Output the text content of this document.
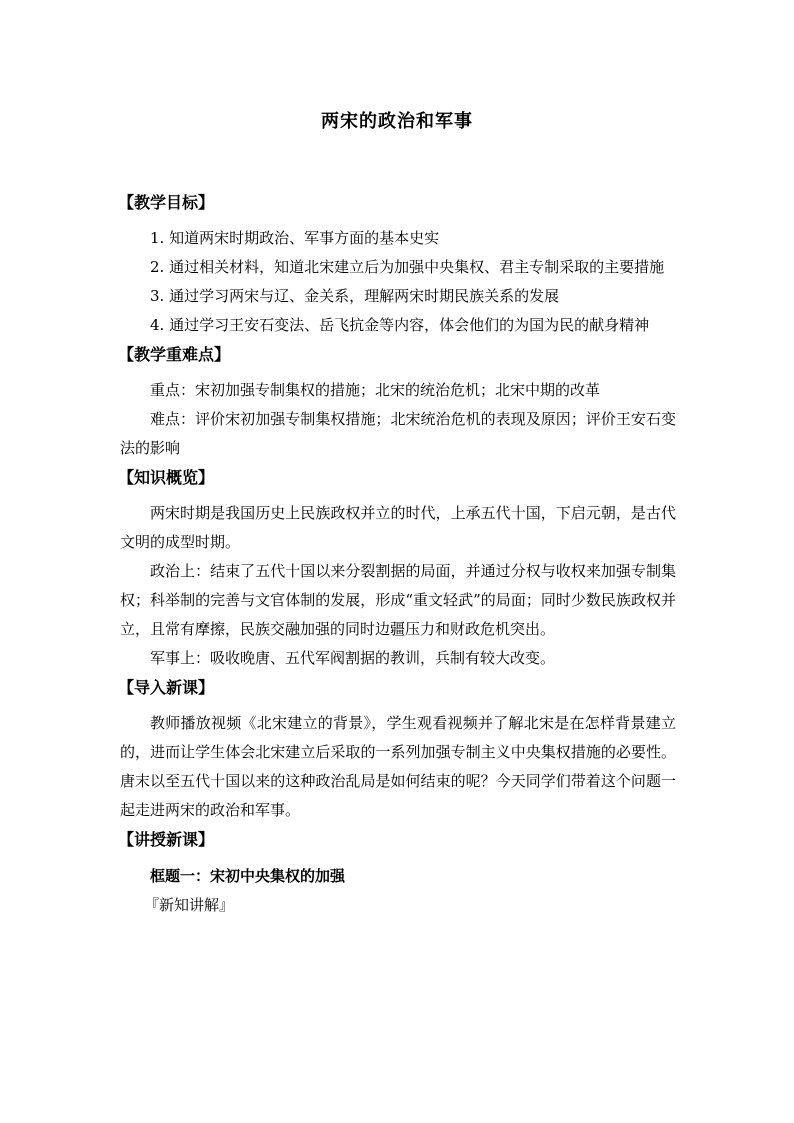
两宋的政治和军事
【教学目标】

1. 知道两宋时期政治、军事方面的基本史实

2. 通过相关材料，知道北宋建立后为加强中央集权、君主专制采取的主要措施

3. 通过学习两宋与辽、金关系，理解两宋时期民族关系的发展

4. 通过学习王安石变法、岳飞抗金等内容，体会他们的为国为民的献身精神

【教学重难点】

重点：宋初加强专制集权的措施；北宋的统治危机；北宋中期的改革

难点：评价宋初加强专制集权措施；北宋统治危机的表现及原因；评价王安石变法的影响

【知识概览】

两宋时期是我国历史上民族政权并立的时代，上承五代十国，下启元朝，是古代文明的成型时期。

政治上：结束了五代十国以来分裂割据的局面，并通过分权与收权来加强专制集权；科举制的完善与文官体制的发展，形成“重文轻武”的局面；同时少数民族政权并立，且常有摩擦，民族交融加强的同时边疆压力和财政危机突出。

军事上：吸收晚唐、五代军阀割据的教训，兵制有较大改变。

【导入新课】

教师播放视频《北宋建立的背景》，学生观看视频并了解北宋是在怎样背景建立的，进而让学生体会北宋建立后采取的一系列加强专制主义中央集权措施的必要性。唐末以至五代十国以来的这种政治乱局是如何结束的呢？今天同学们带着这个问题一起走进两宋的政治和军事。

【讲授新课】

框题一：宋初中央集权的加强

『新知讲解』
